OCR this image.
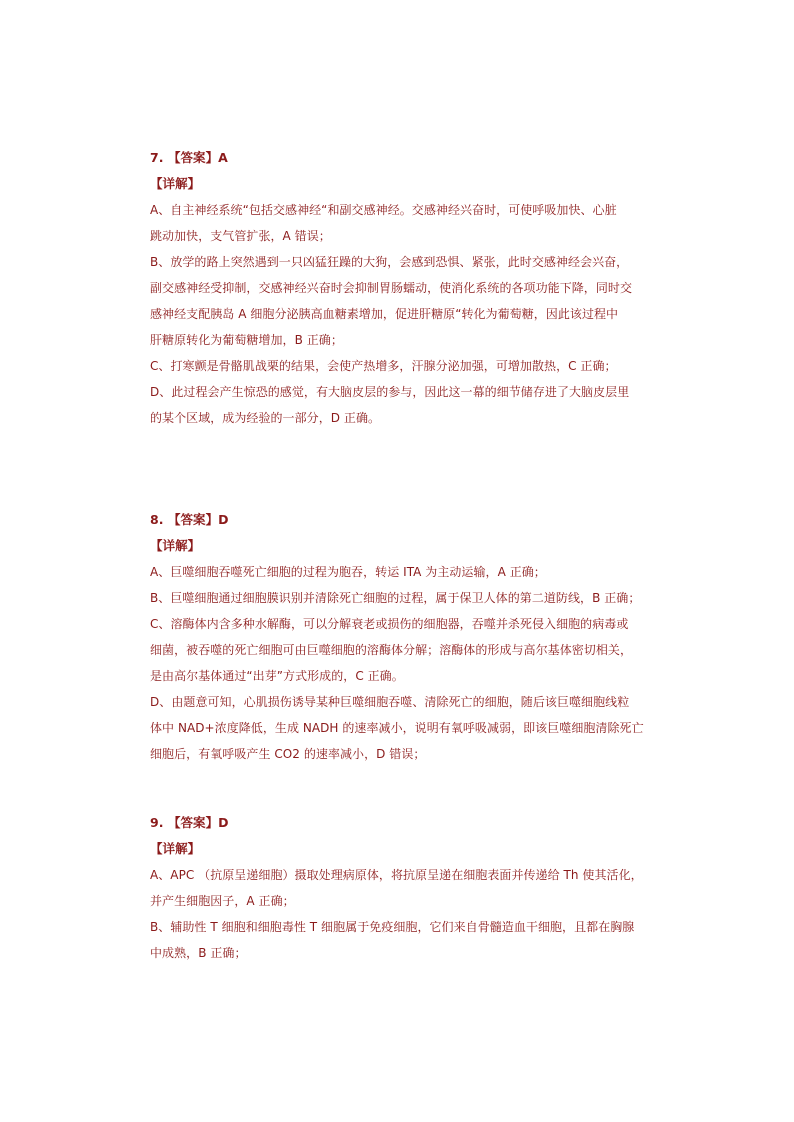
7. 【答案】A

【详解】

A、自主神经系统“包括交感神经“和副交感神经。交感神经兴奋时，可使呼吸加快、心脏

跳动加快，支气管扩张，A 错误；

B、放学的路上突然遇到一只凶猛狂躁的大狗，会感到恐惧、紧张，此时交感神经会兴奋，

副交感神经受抑制，交感神经兴奋时会抑制胃肠蠕动，使消化系统的各项功能下降，同时交

感神经支配胰岛 A 细胞分泌胰高血糖素增加，促进肝糖原“转化为葡萄糖，因此该过程中

肝糖原转化为葡萄糖增加，B 正确；

C、打寒颤是骨骼肌战栗的结果，会使产热增多，汗腺分泌加强，可增加散热，C 正确；

D、此过程会产生惊恐的感觉，有大脑皮层的参与，因此这一幕的细节储存进了大脑皮层里

的某个区域，成为经验的一部分，D 正确。

8. 【答案】D

【详解】

A、巨噬细胞吞噬死亡细胞的过程为胞吞，转运 ITA 为主动运输，A 正确；

B、巨噬细胞通过细胞膜识别并清除死亡细胞的过程，属于保卫人体的第二道防线，B 正确；

C、溶酶体内含多种水解酶，可以分解衰老或损伤的细胞器，吞噬并杀死侵入细胞的病毒或

细菌，被吞噬的死亡细胞可由巨噬细胞的溶酶体分解；溶酶体的形成与高尔基体密切相关，

是由高尔基体通过“出芽”方式形成的，C 正确。

D、由题意可知，心肌损伤诱导某种巨噬细胞吞噬、清除死亡的细胞，随后该巨噬细胞线粒

体中 NAD+浓度降低，生成 NADH 的速率减小，说明有氧呼吸减弱，即该巨噬细胞清除死亡

细胞后，有氧呼吸产生 CO2 的速率减小，D 错误；

9. 【答案】D

【详解】

A、APC （抗原呈递细胞）摄取处理病原体，将抗原呈递在细胞表面并传递给 Th 使其活化，

并产生细胞因子，A 正确；

B、辅助性 T 细胞和细胞毒性 T 细胞属于免疫细胞，它们来自骨髓造血干细胞，且都在胸腺

中成熟，B 正确；
